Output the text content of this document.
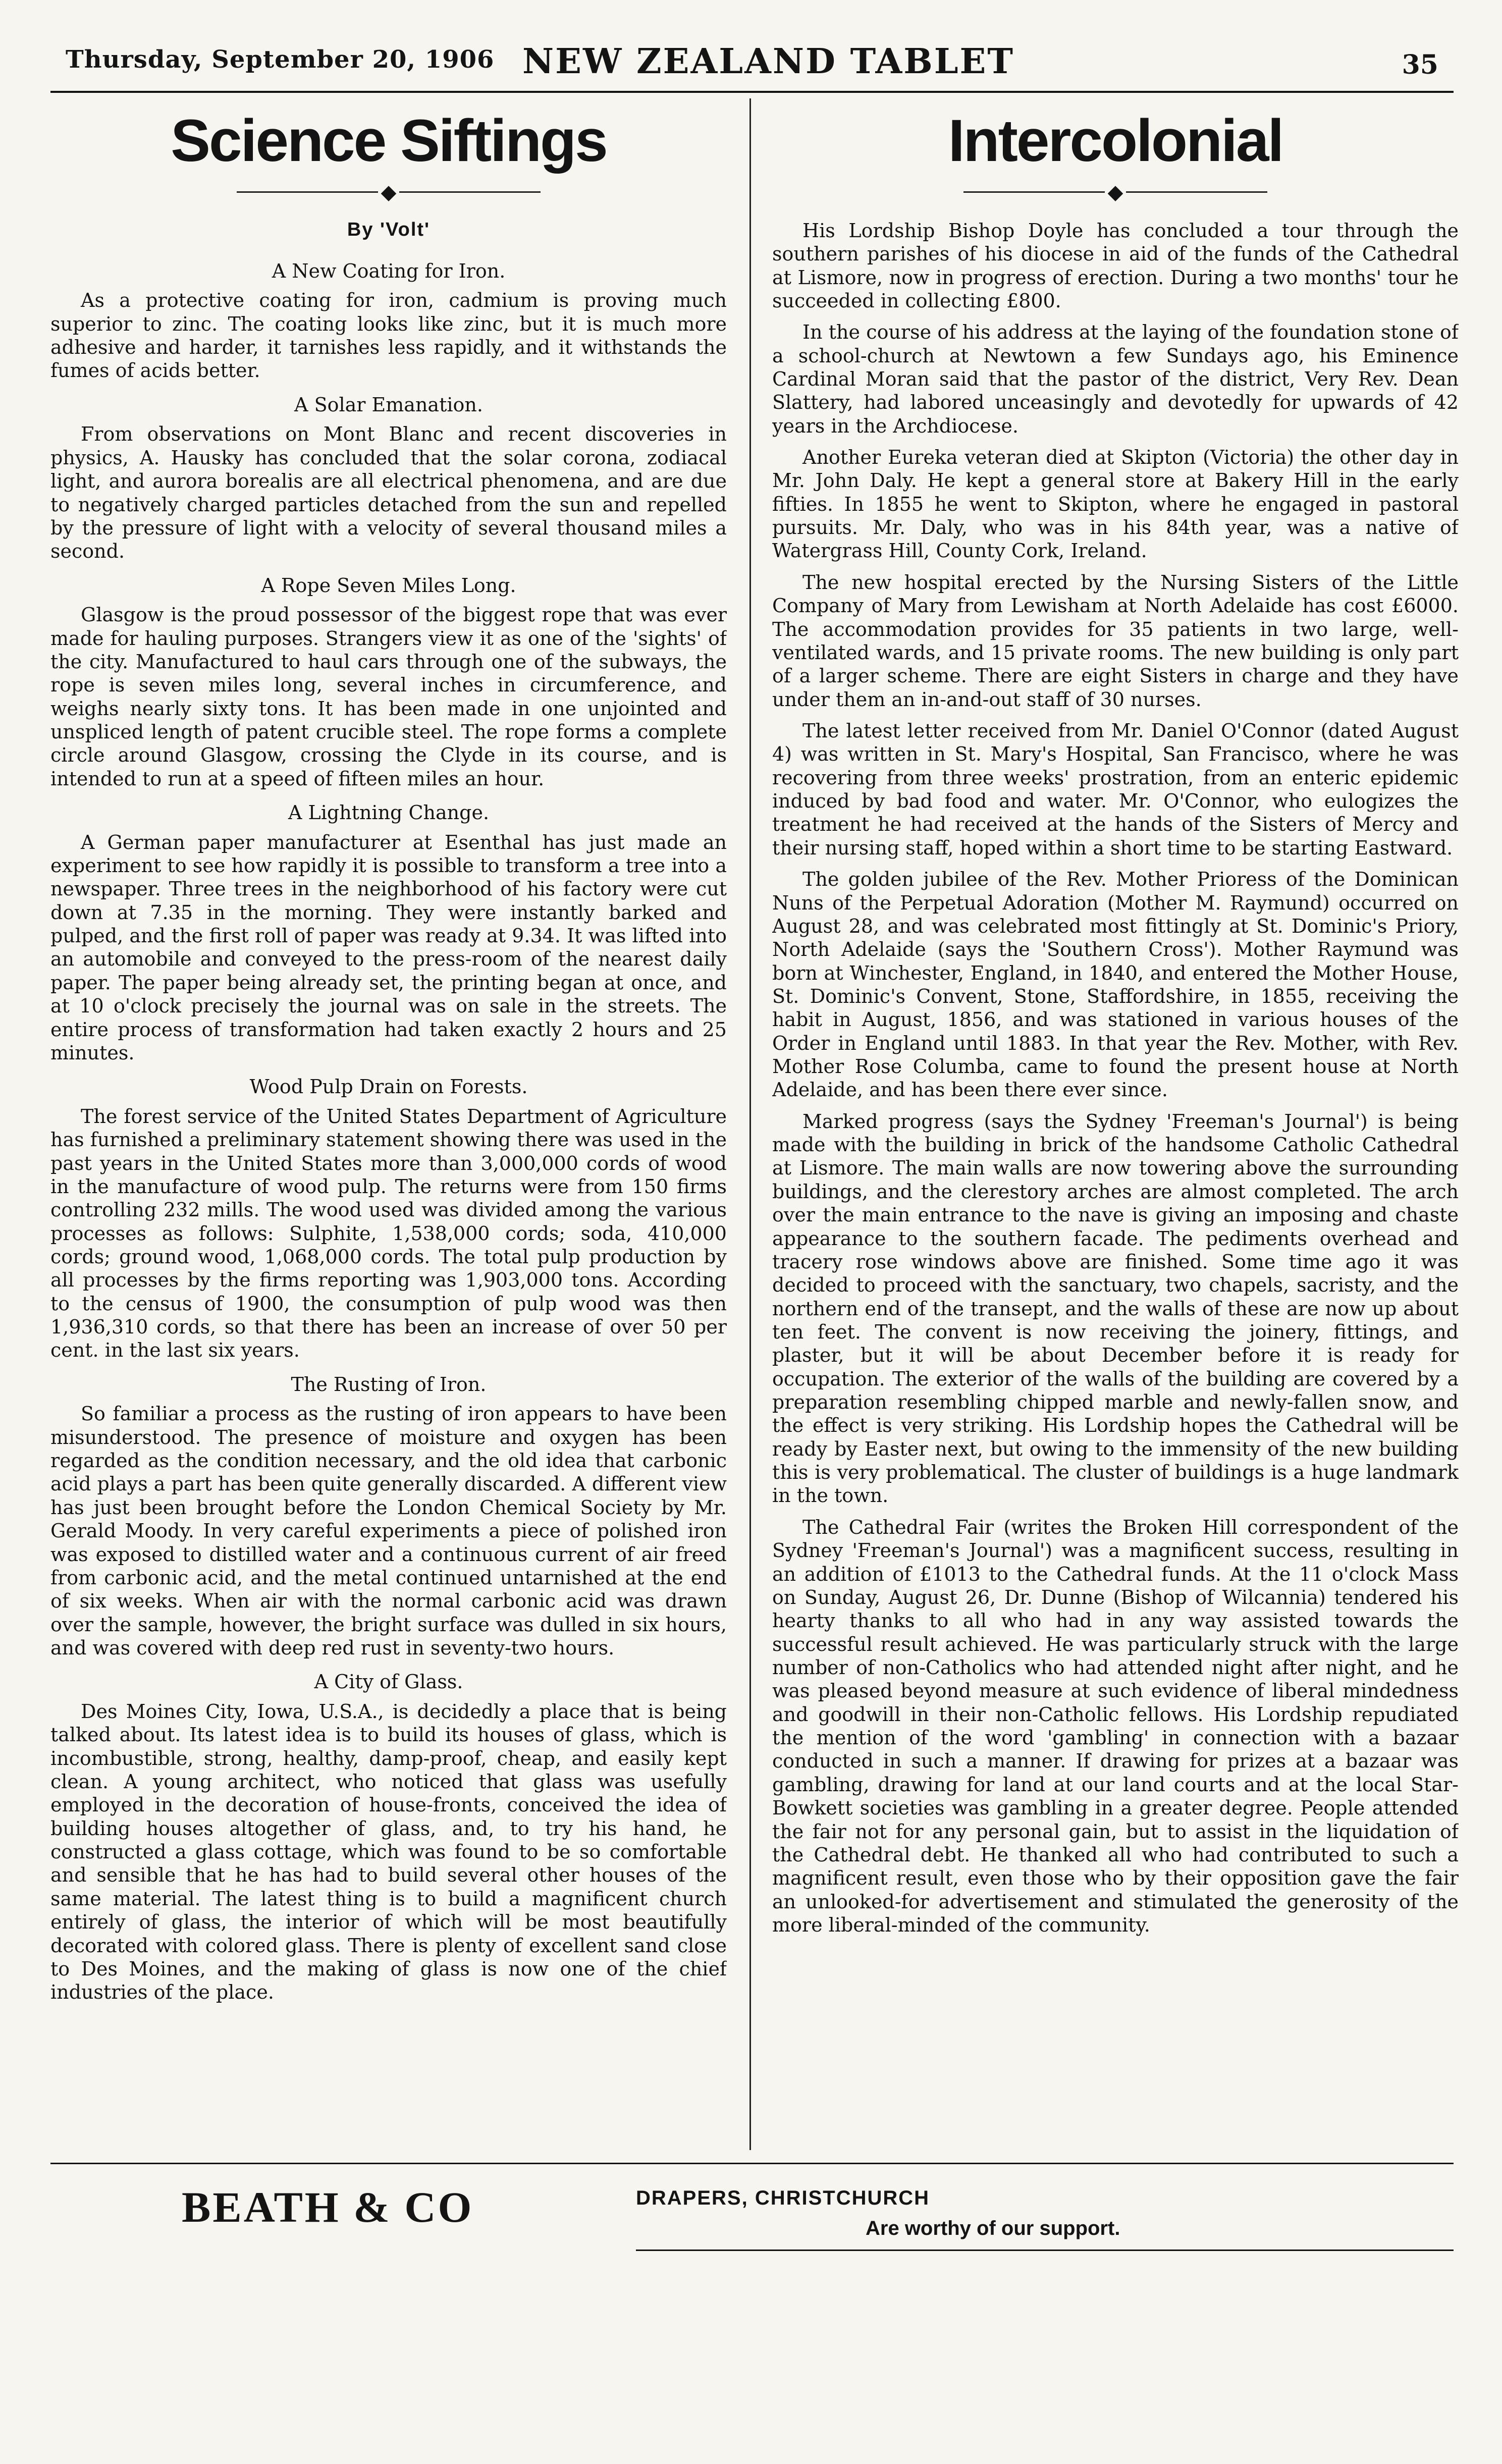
Thursday, September 20, 1906 NEW ZEALAND TABLET	35
Science Siftings
◆
By 'Volt'
A New Coating for Iron.

As a protective coating for iron, cadmium is proving much superior to zinc. The coating looks like zinc, but it is much more adhesive and harder, it tarnishes less rapidly, and it withstands the fumes of acids better.

A Solar Emanation.

From observations on Mont Blanc and recent discoveries in physics, A. Hausky has concluded that the solar corona, zodiacal light, and aurora borealis are all electrical phenomena, and are due to negatively charged particles detached from the sun and repelled by the pressure of light with a velocity of several thousand miles a second.

A Rope Seven Miles Long.

Glasgow is the proud possessor of the biggest rope that was ever made for hauling purposes. Strangers view it as one of the 'sights' of the city. Manufactured to haul cars through one of the subways, the rope is seven miles long, several inches in circumference, and weighs nearly sixty tons. It has been made in one unjointed and unspliced length of patent crucible steel. The rope forms a complete circle around Glasgow, crossing the Clyde in its course, and is intended to run at a speed of fifteen miles an hour.

A Lightning Change.

A German paper manufacturer at Esenthal has just made an experiment to see how rapidly it is possible to transform a tree into a newspaper. Three trees in the neighborhood of his factory were cut down at 7.35 in the morning. They were instantly barked and pulped, and the first roll of paper was ready at 9.34. It was lifted into an automobile and conveyed to the press-room of the nearest daily paper. The paper being already set, the printing began at once, and at 10 o'clock precisely the journal was on sale in the streets. The entire process of transformation had taken exactly 2 hours and 25 minutes.

Wood Pulp Drain on Forests.

The forest service of the United States Department of Agriculture has furnished a preliminary statement showing there was used in the past years in the United States more than 3,000,000 cords of wood in the manufacture of wood pulp. The returns were from 150 firms controlling 232 mills. The wood used was divided among the various processes as follows: Sulphite, 1,538,000 cords; soda, 410,000 cords; ground wood, 1,068,000 cords. The total pulp production by all processes by the firms reporting was 1,903,000 tons. According to the census of 1900, the consumption of pulp wood was then 1,936,310 cords, so that there has been an increase of over 50 per cent. in the last six years.

The Rusting of Iron.

So familiar a process as the rusting of iron appears to have been misunderstood. The presence of moisture and oxygen has been regarded as the condition necessary, and the old idea that carbonic acid plays a part has been quite generally discarded. A different view has just been brought before the London Chemical Society by Mr. Gerald Moody. In very careful experiments a piece of polished iron was exposed to distilled water and a continuous current of air freed from carbonic acid, and the metal continued untarnished at the end of six weeks. When air with the normal carbonic acid was drawn over the sample, however, the bright surface was dulled in six hours, and was covered with deep red rust in seventy-two hours.

A City of Glass.

Des Moines City, Iowa, U.S.A., is decidedly a place that is being talked about. Its latest idea is to build its houses of glass, which is incombustible, strong, healthy, damp-proof, cheap, and easily kept clean. A young architect, who noticed that glass was usefully employed in the decoration of house-fronts, conceived the idea of building houses altogether of glass, and, to try his hand, he constructed a glass cottage, which was found to be so comfortable and sensible that he has had to build several other houses of the same material. The latest thing is to build a magnificent church entirely of glass, the interior of which will be most beautifully decorated with colored glass. There is plenty of excellent sand close to Des Moines, and the making of glass is now one of the chief industries of the place.

Intercolonial
◆

His Lordship Bishop Doyle has concluded a tour through the southern parishes of his diocese in aid of the funds of the Cathedral at Lismore, now in progress of erection. During a two months' tour he succeeded in collecting £800.

In the course of his address at the laying of the foundation stone of a school-church at Newtown a few Sundays ago, his Eminence Cardinal Moran said that the pastor of the district, Very Rev. Dean Slattery, had labored unceasingly and devotedly for upwards of 42 years in the Archdiocese.

Another Eureka veteran died at Skipton (Victoria) the other day in Mr. John Daly. He kept a general store at Bakery Hill in the early fifties. In 1855 he went to Skipton, where he engaged in pastoral pursuits. Mr. Daly, who was in his 84th year, was a native of Watergrass Hill, County Cork, Ireland.

The new hospital erected by the Nursing Sisters of the Little Company of Mary from Lewisham at North Adelaide has cost £6000. The accommodation provides for 35 patients in two large, well-ventilated wards, and 15 private rooms. The new building is only part of a larger scheme. There are eight Sisters in charge and they have under them an in-and-out staff of 30 nurses.

The latest letter received from Mr. Daniel O'Connor (dated August 4) was written in St. Mary's Hospital, San Francisco, where he was recovering from three weeks' prostration, from an enteric epidemic induced by bad food and water. Mr. O'Connor, who eulogizes the treatment he had received at the hands of the Sisters of Mercy and their nursing staff, hoped within a short time to be starting Eastward.

The golden jubilee of the Rev. Mother Prioress of the Dominican Nuns of the Perpetual Adoration (Mother M. Raymund) occurred on August 28, and was celebrated most fittingly at St. Dominic's Priory, North Adelaide (says the 'Southern Cross'). Mother Raymund was born at Winchester, England, in 1840, and entered the Mother House, St. Dominic's Convent, Stone, Staffordshire, in 1855, receiving the habit in August, 1856, and was stationed in various houses of the Order in England until 1883. In that year the Rev. Mother, with Rev. Mother Rose Columba, came to found the present house at North Adelaide, and has been there ever since.

Marked progress (says the Sydney 'Freeman's Journal') is being made with the building in brick of the handsome Catholic Cathedral at Lismore. The main walls are now towering above the surrounding buildings, and the clerestory arches are almost completed. The arch over the main entrance to the nave is giving an imposing and chaste appearance to the southern facade. The pediments overhead and tracery rose windows above are finished. Some time ago it was decided to proceed with the sanctuary, two chapels, sacristy, and the northern end of the transept, and the walls of these are now up about ten feet. The convent is now receiving the joinery, fittings, and plaster, but it will be about December before it is ready for occupation. The exterior of the walls of the building are covered by a preparation resembling chipped marble and newly-fallen snow, and the effect is very striking. His Lordship hopes the Cathedral will be ready by Easter next, but owing to the immensity of the new building this is very problematical. The cluster of buildings is a huge landmark in the town.

The Cathedral Fair (writes the Broken Hill correspondent of the Sydney 'Freeman's Journal') was a magnificent success, resulting in an addition of £1013 to the Cathedral funds. At the 11 o'clock Mass on Sunday, August 26, Dr. Dunne (Bishop of Wilcannia) tendered his hearty thanks to all who had in any way assisted towards the successful result achieved. He was particularly struck with the large number of non-Catholics who had attended night after night, and he was pleased beyond measure at such evidence of liberal mindedness and goodwill in their non-Catholic fellows. His Lordship repudiated the mention of the word 'gambling' in connection with a bazaar conducted in such a manner. If drawing for prizes at a bazaar was gambling, drawing for land at our land courts and at the local Star-Bowkett societies was gambling in a greater degree. People attended the fair not for any personal gain, but to assist in the liquidation of the Cathedral debt. He thanked all who had contributed to such a magnificent result, even those who by their opposition gave the fair an unlooked-for advertisement and stimulated the generosity of the more liberal-minded of the community.

BEATH & CO	DRAPERS, CHRISTCHURCH
Are worthy of our support.
